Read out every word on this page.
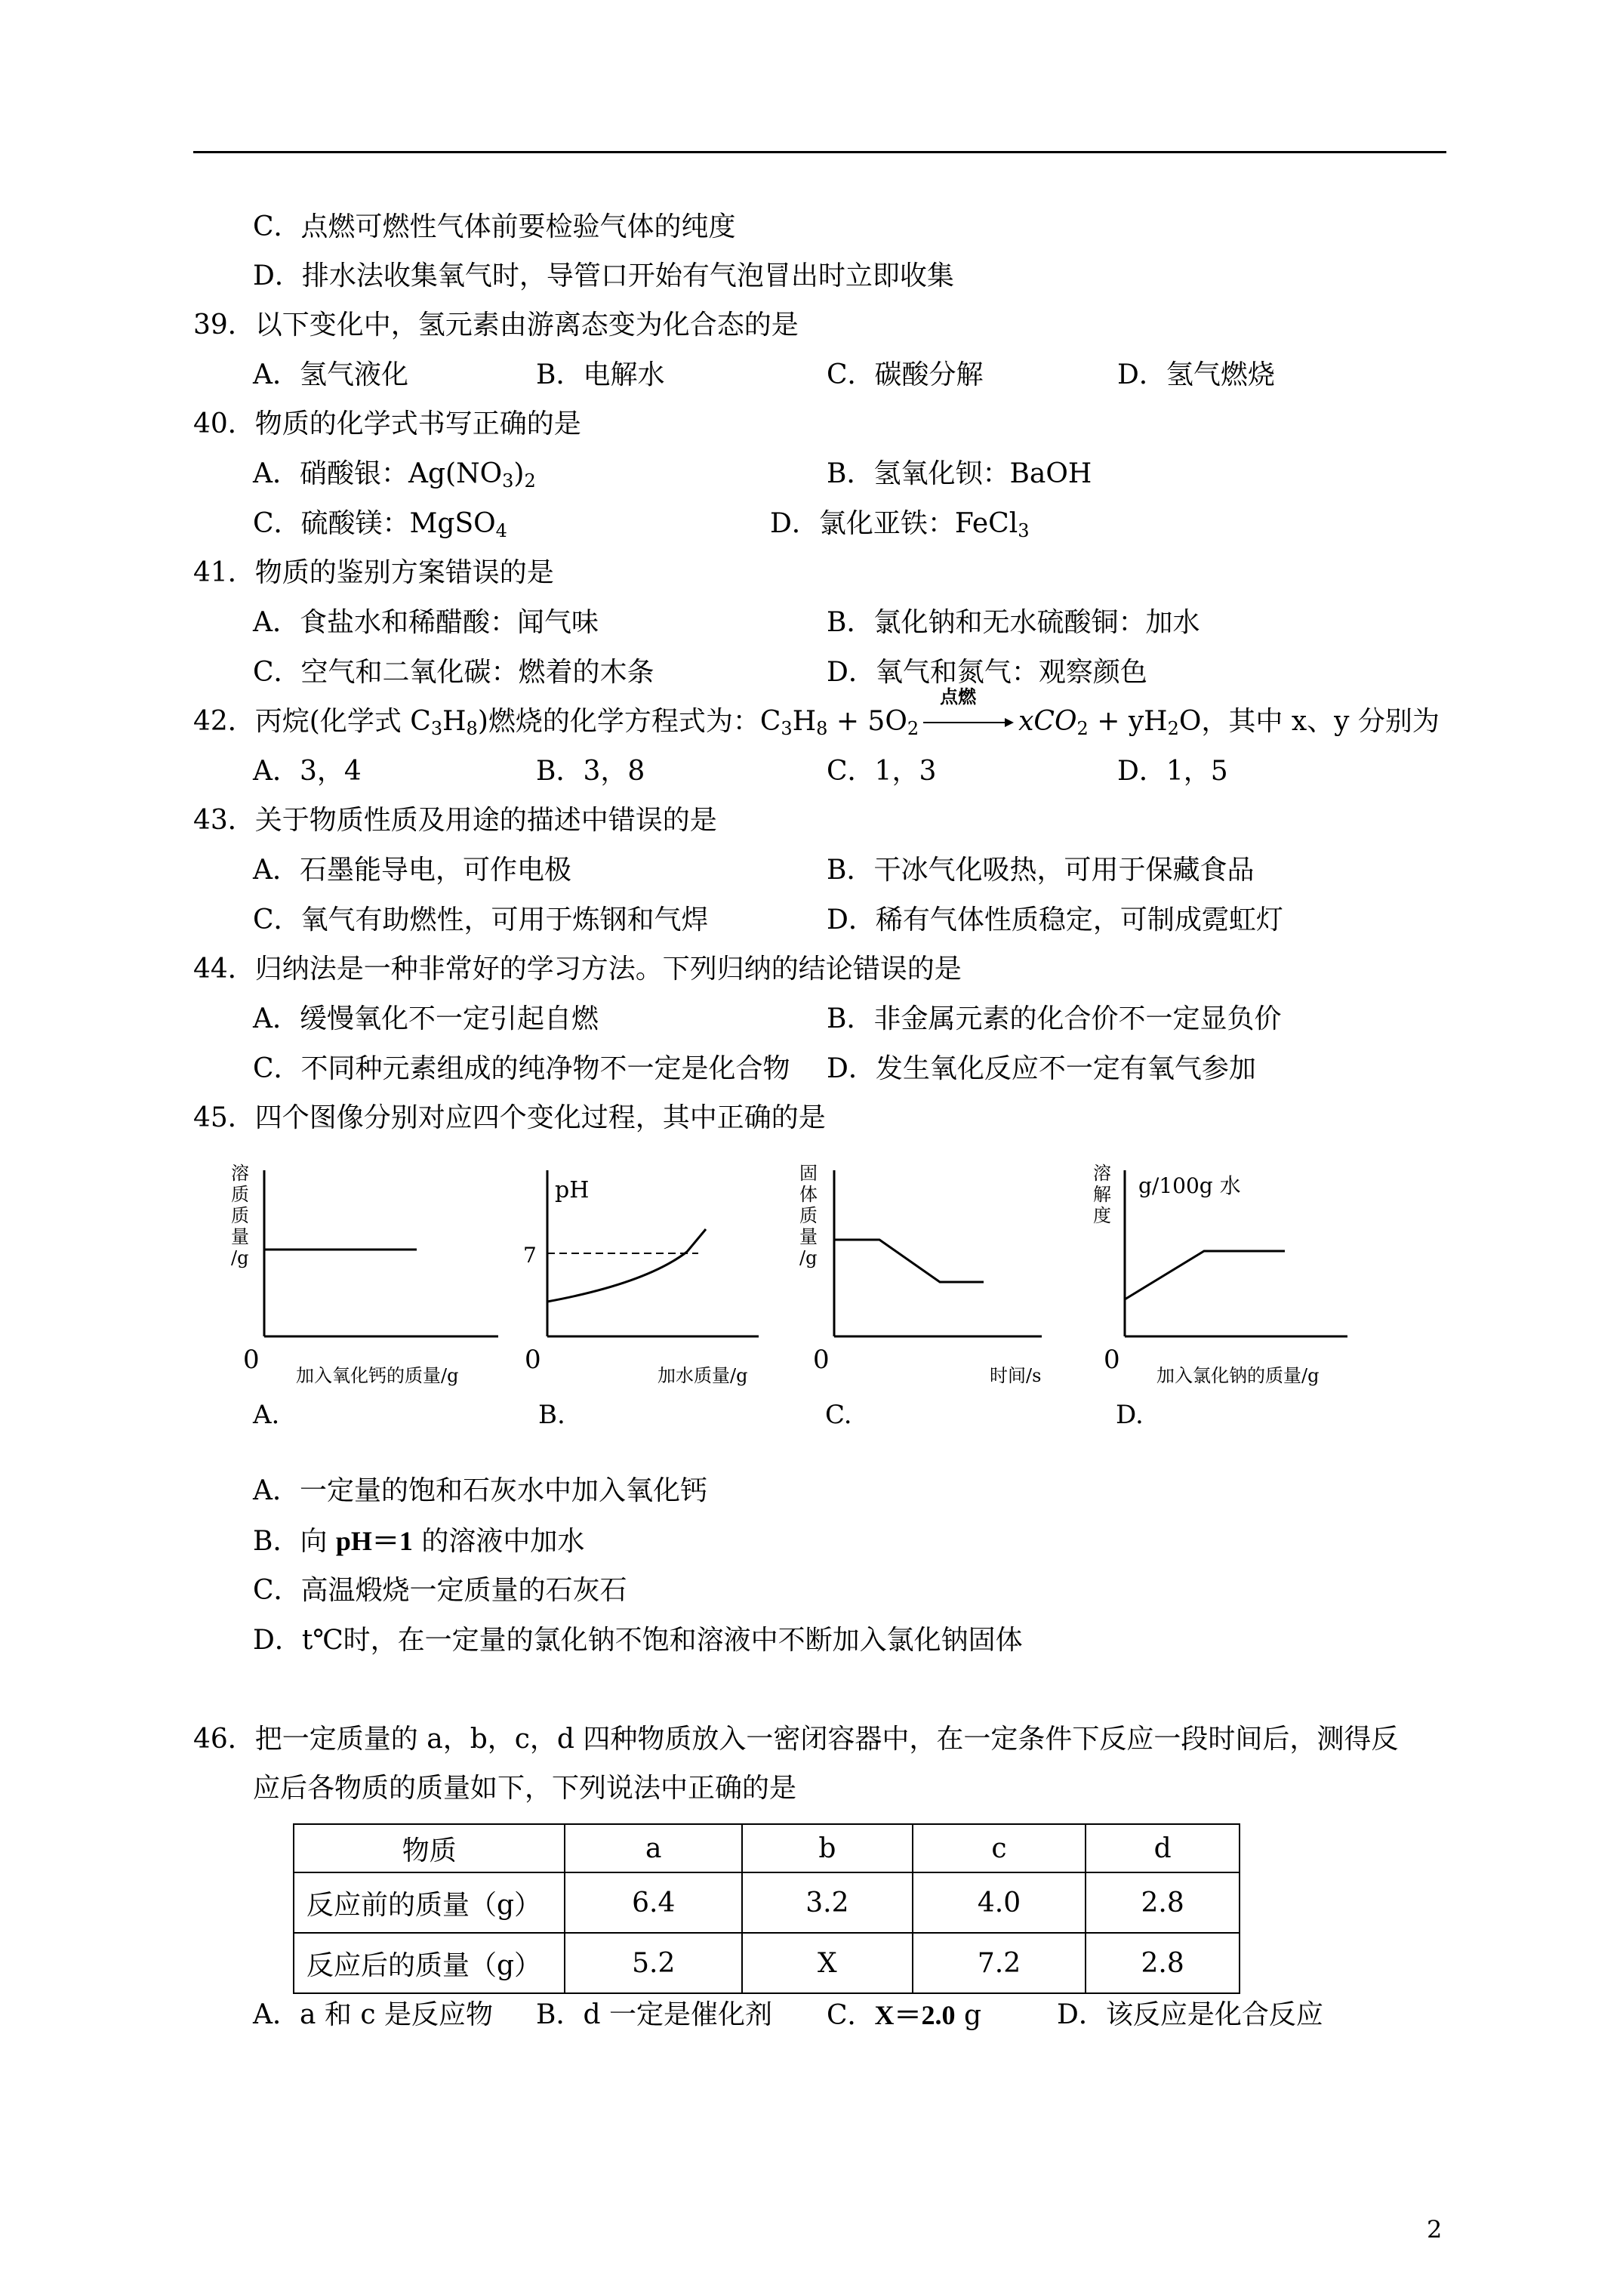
C．点燃可燃性气体前要检验气体的纯度
D．排水法收集氧气时，导管口开始有气泡冒出时立即收集
39．以下变化中，氢元素由游离态变为化合态的是
A．氢气液化	B．电解水	C．碳酸分解	D．氢气燃烧
40．物质的化学式书写正确的是
A．硝酸银：$Ag(NO_3)_2$	B．氢氧化钡：BaOH
C．硫酸镁：MgSO$_4$	D．氯化亚铁：FeCl$_3$
41．物质的鉴别方案错误的是
A．食盐水和稀醋酸：闻气味	B．氯化钠和无水硫酸铜：加水
C．空气和二氧化碳：燃着的木条	D．氧气和氮气：观察颜色
42．丙烷(化学式 $C_3H_8$)燃烧的化学方程式为：$C_3H_8 + 5O_2$
点燃
$xCO_2 + yH_2O$，其中 x、y 分别为
A．3，4	B．3，8	C．1，3	D．1，5
43．关于物质性质及用途的描述中错误的是
A．石墨能导电，可作电极	B．干冰气化吸热，可用于保藏食品
C．氧气有助燃性，可用于炼钢和气焊	D．稀有气体性质稳定，可制成霓虹灯
44．归纳法是一种非常好的学习方法。下列归纳的结论错误的是
A．缓慢氧化不一定引起自燃	B．非金属元素的化合价不一定显负价
C．不同种元素组成的纯净物不一定是化合物 D．发生氧化反应不一定有氧气参加
45．四个图像分别对应四个变化过程，其中正确的是
溶
质
质
量
/g
0
加入氧化钙的质量/g
A.
pH
7
0
加水质量/g
B.
固
体
质
量
/g
0
时间/s
C.
溶
解
度
g/100g 水
0
加入氯化钠的质量/g
D.
A．一定量的饱和石灰水中加入氧化钙
B．向 pH＝1 的溶液中加水
C．高温煅烧一定质量的石灰石
D．t℃时，在一定量的氯化钠不饱和溶液中不断加入氯化钠固体
46．把一定质量的 a，b，c，d 四种物质放入一密闭容器中，在一定条件下反应一段时间后，测得反
应后各物质的质量如下，下列说法中正确的是
物质	a	b	c	d
反应前的质量（g）	6.4	3.2	4.0	2.8
反应后的质量（g）	5.2	X	7.2	2.8
A．a 和 c 是反应物 B．d 一定是催化剂 C．X＝2.0 g	D．该反应是化合反应
2
